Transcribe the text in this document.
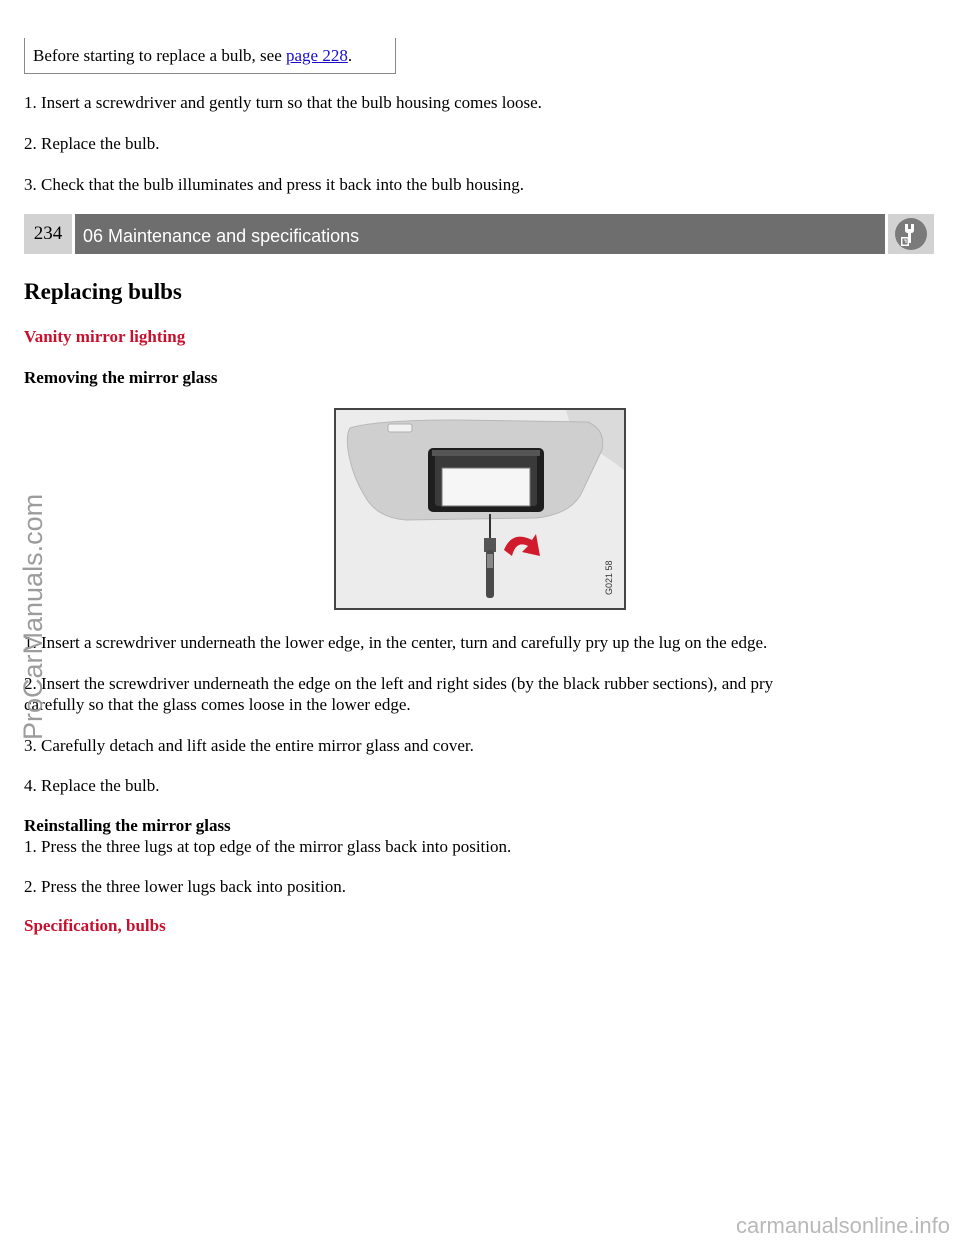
Before starting to replace a bulb, see page 228.

1. Insert a screwdriver and gently turn so that the bulb housing comes loose.

2. Replace the bulb.

3. Check that the bulb illuminates and press it back into the bulb housing.

234	06 Maintenance and specifications
Replacing bulbs

Vanity mirror lighting

Removing the mirror glass

G021 58

1. Insert a screwdriver underneath the lower edge, in the center, turn and carefully pry up the lug on the edge.

2. Insert the screwdriver underneath the edge on the left and right sides (by the black rubber sections), and pry

carefully so that the glass comes loose in the lower edge.

3. Carefully detach and lift aside the entire mirror glass and cover.

4. Replace the bulb.

Reinstalling the mirror glass

1. Press the three lugs at top edge of the mirror glass back into position.

2. Press the three lower lugs back into position.

Specification, bulbs

ProCarManuals.com
carmanualsonline.info
